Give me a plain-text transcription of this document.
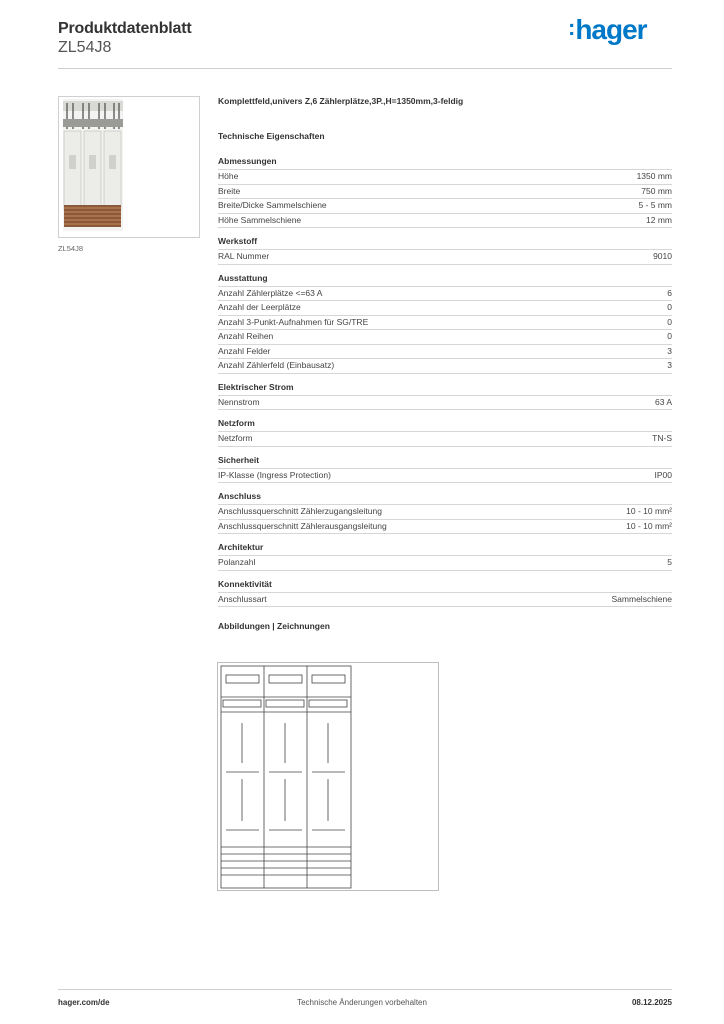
Produktdatenblatt
ZL54J8
:hager
ZL54J8
Komplettfeld,univers Z,6 Zählerplätze,3P.,H=1350mm,3-feldig
Technische Eigenschaften
Abmessungen
Höhe	1350 mm
Breite	750 mm
Breite/Dicke Sammelschiene	5 - 5 mm
Höhe Sammelschiene	12 mm
Werkstoff
RAL Nummer	9010
Ausstattung
Anzahl Zählerplätze <=63 A	6
Anzahl der Leerplätze	0
Anzahl 3-Punkt-Aufnahmen für SG/TRE	0
Anzahl Reihen	0
Anzahl Felder	3
Anzahl Zählerfeld (Einbausatz)	3
Elektrischer Strom
Nennstrom	63 A
Netzform
Netzform	TN-S
Sicherheit
IP-Klasse (Ingress Protection)	IP00
Anschluss
Anschlussquerschnitt Zählerzugangsleitung	10 - 10 mm²
Anschlussquerschnitt Zählerausgangsleitung	10 - 10 mm²
Architektur
Polanzahl	5
Konnektivität
Anschlussart	Sammelschiene
Abbildungen | Zeichnungen
hager.com/de	Technische Änderungen vorbehalten	08.12.2025
